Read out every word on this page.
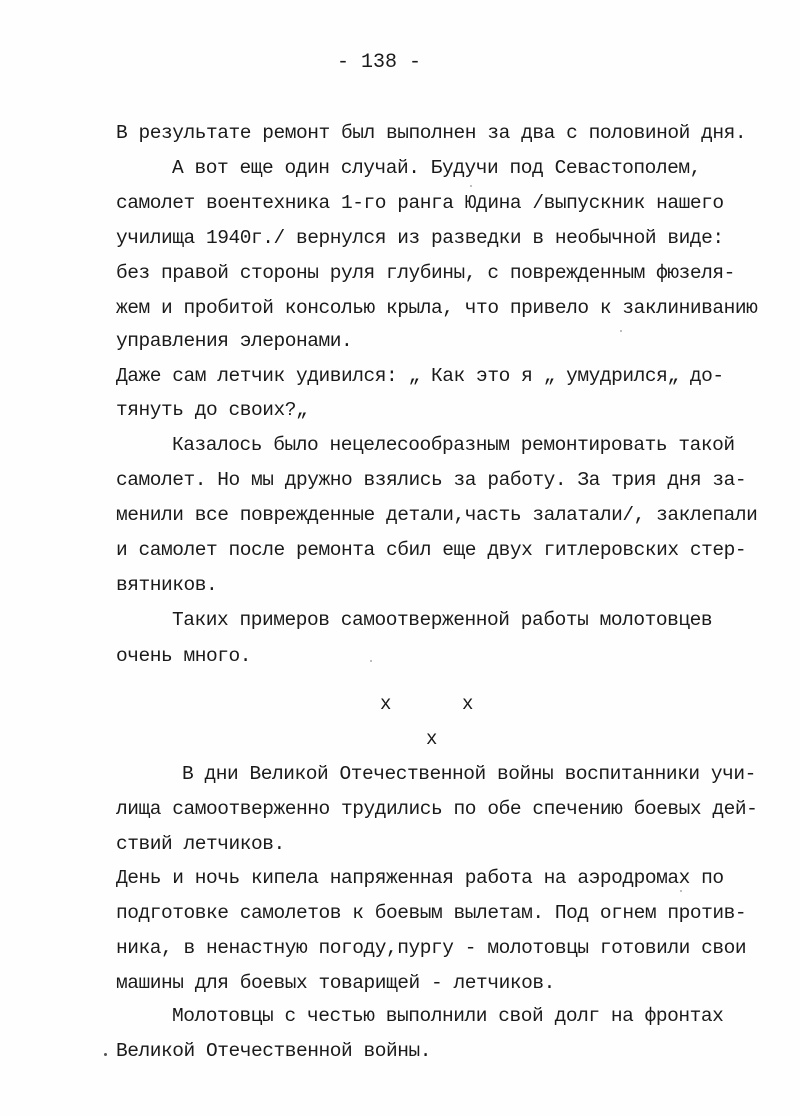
- 138 -
В результате ремонт был выполнен за два с половиной дня.
А вот еще один случай. Будучи под Севастополем,
самолет воентехника 1-го ранга Юдина /выпускник нашего
училища 1940г./ вернулся из разведки в необычной виде:
без правой стороны руля глубины, с поврежденным фюзеля-
жем и пробитой консолью крыла, что привело к заклиниванию
управления элеронами.
Даже сам летчик удивился: „ Как это я „ умудрился„ до-
тянуть до своих?„
Казалось было нецелесообразным ремонтировать такой
самолет. Но мы дружно взялись за работу. За трия дня за-
менили все поврежденные детали,часть залатали/, заклепали
и самолет после ремонта сбил еще двух гитлеровских стер-
вятников.
Таких примеров самоотверженной работы молотовцев
очень много.
x	x
x
В дни Великой Отечественной войны воспитанники учи-
лища самоотверженно трудились по обе спечению боевых дей-
ствий летчиков.
День и ночь кипела напряженная работа на аэродромах по
подготовке самолетов к боевым вылетам. Под огнем против-
ника, в ненастную погоду,пургу - молотовцы готовили свои
машины для боевых товарищей - летчиков.
Молотовцы с честью выполнили свой долг на фронтах
Великой Отечественной войны.
